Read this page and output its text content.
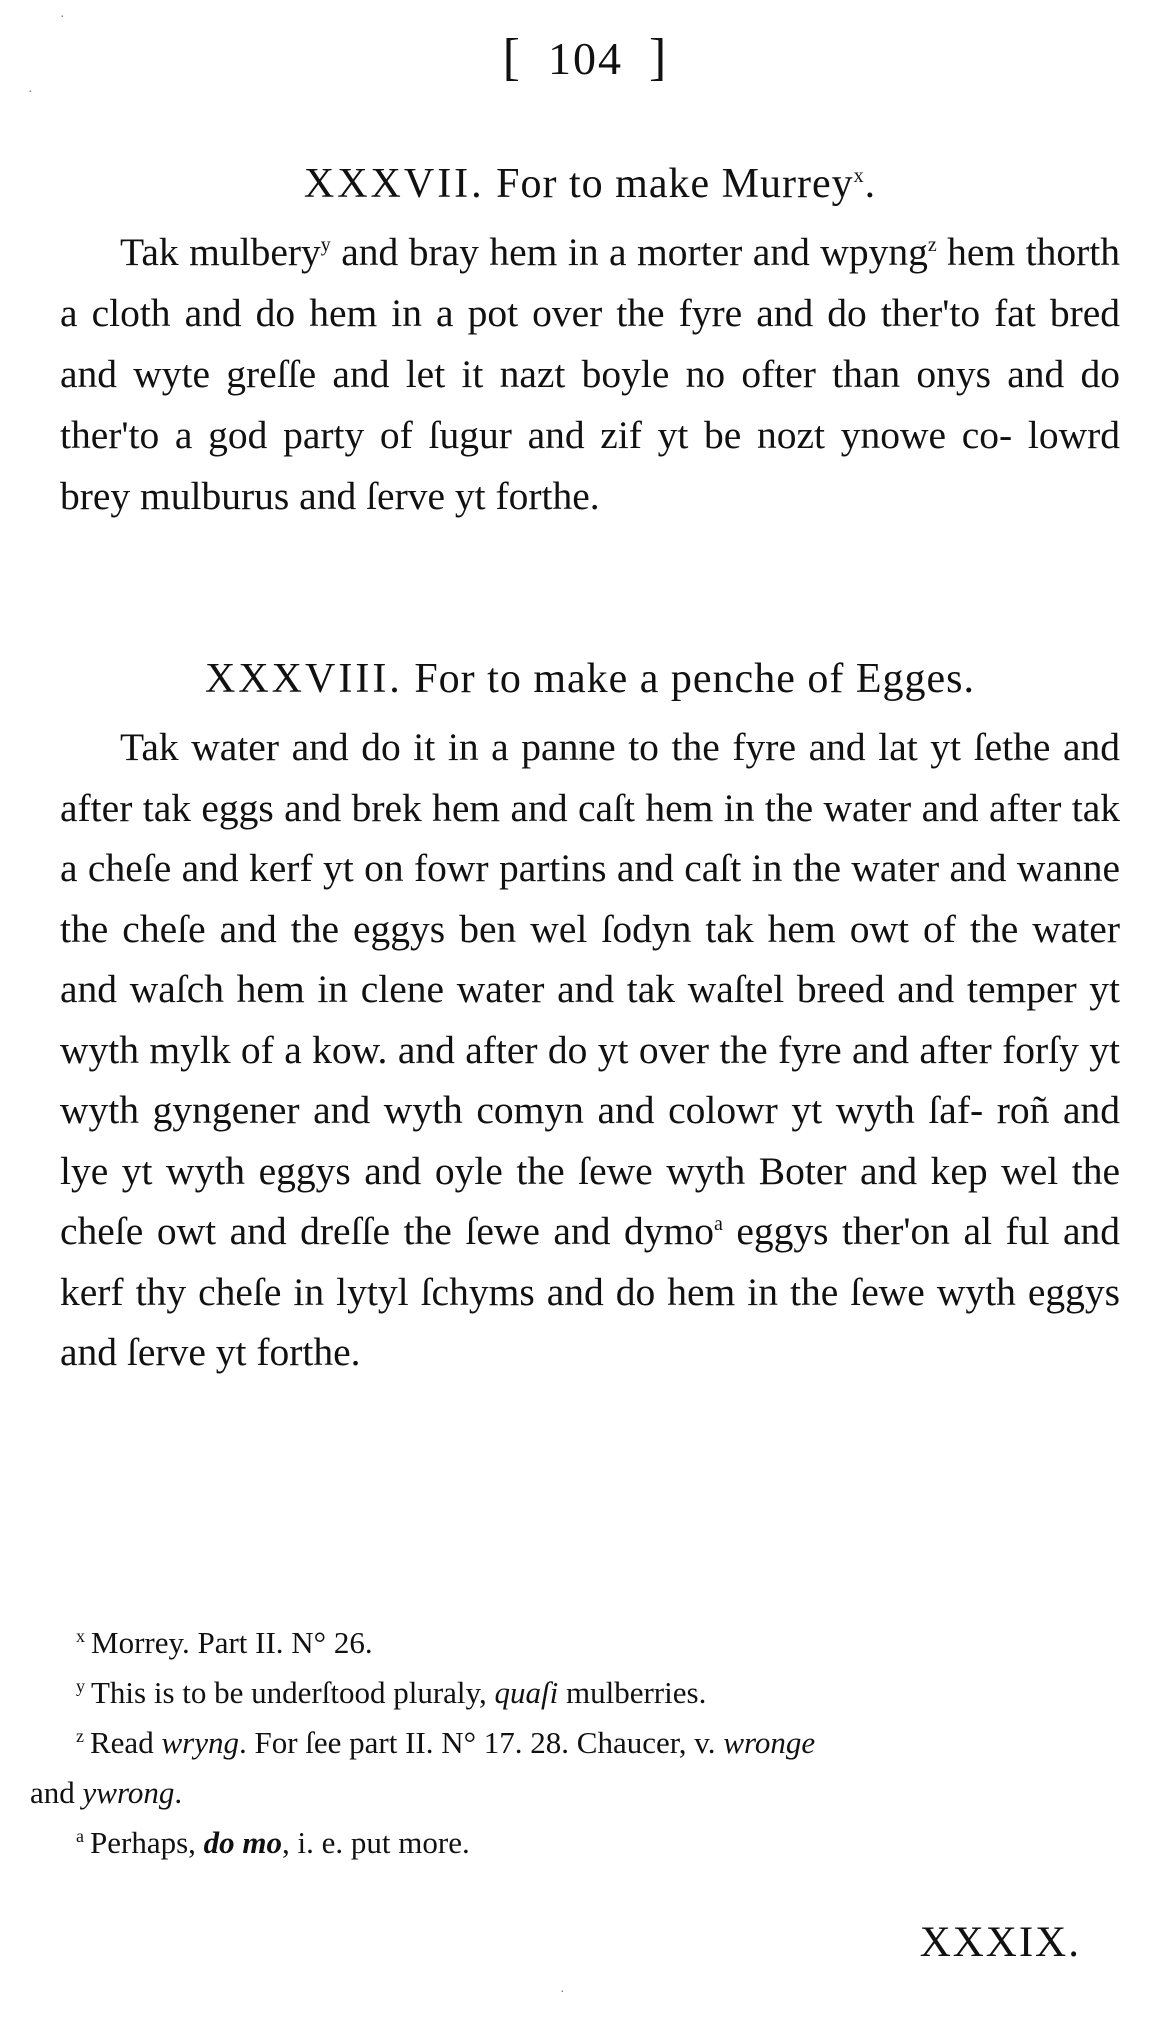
[ 104 ]
XXXVII. For to make Murrey$^x$.

Tak mulbery$^y$ and bray hem in a morter and wpyng$^z$ hem thorth a cloth and do hem in a pot over the fyre and do ther'to fat bred and wyte greſſe and let it nazt boyle no ofter than onys and do ther'to a god party of ſugur and zif yt be nozt ynowe co- lowrd brey mulburus and ſerve yt forthe.

XXXVIII. For to make a penche of Egges.

Tak water and do it in a panne to the fyre and lat yt ſethe and after tak eggs and brek hem and caſt hem in the water and after tak a cheſe and kerf yt on fowr partins and caſt in the water and wanne the cheſe and the eggys ben wel ſodyn tak hem owt of the water and waſch hem in clene water and tak waſtel breed and temper yt wyth mylk of a kow. and after do yt over the fyre and after forſy yt wyth gyngener and wyth comyn and colowr yt wyth ſaf- roñ and lye yt wyth eggys and oyle the ſewe wyth Boter and kep wel the cheſe owt and dreſſe the ſewe and dymo$^a$ eggys ther'on al ful and kerf thy cheſe in lytyl ſchyms and do hem in the ſewe wyth eggys and ſerve yt forthe.

$^x$ Morrey. Part II. N° 26.

$^y$ This is to be underſtood pluraly, quaſi mulberries.

$^z$ Read wryng. For ſee part II. N° 17. 28. Chaucer, v. wronge

and ywrong.

$^a$ Perhaps, do mo, i. e. put more.

XXXIX.
·
·
·
